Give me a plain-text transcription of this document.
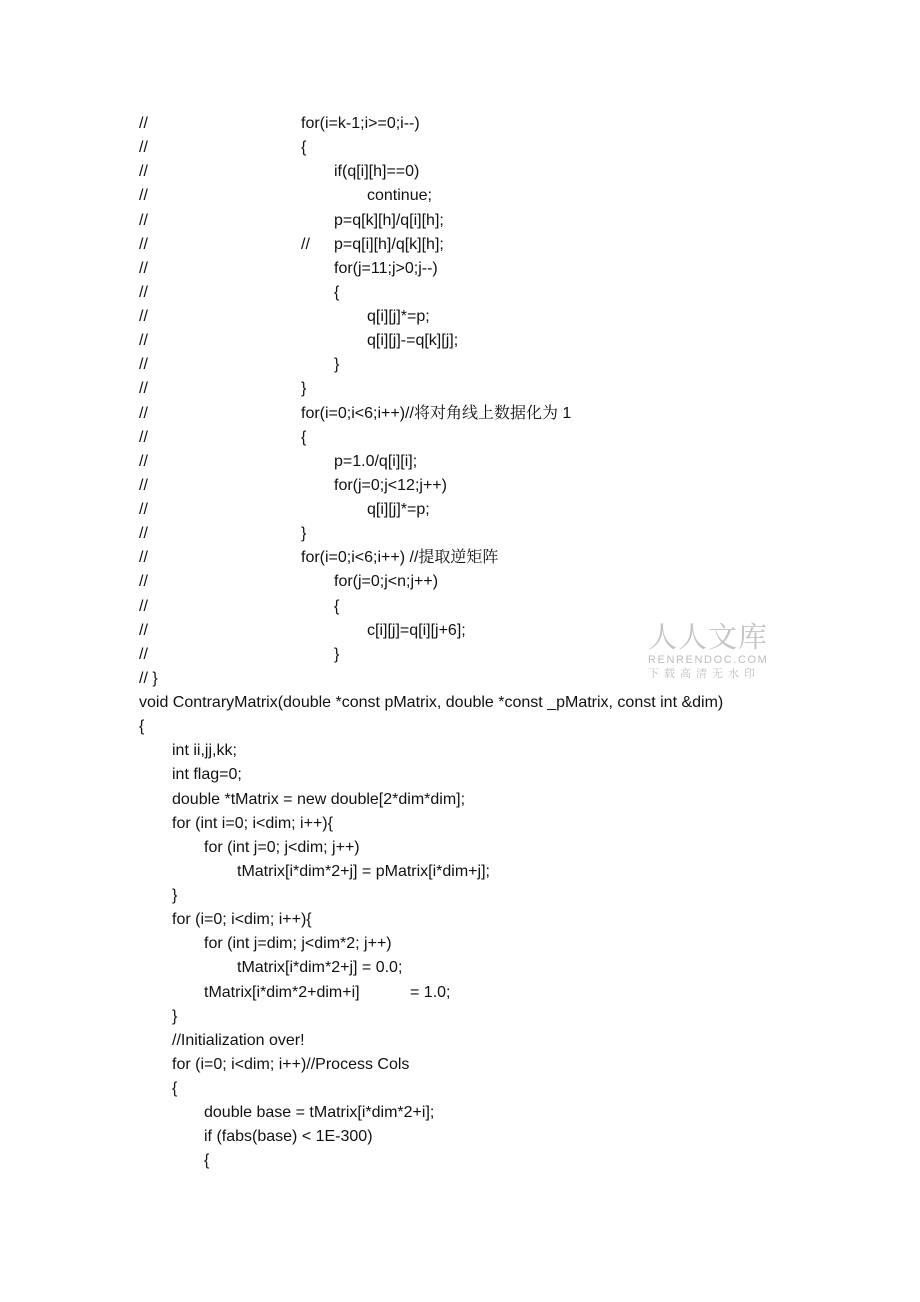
//	for(i=k-1;i>=0;i--)
//	{
//	if(q[i][h]==0)
//	continue;
//	p=q[k][h]/q[i][h];
//	// p=q[i][h]/q[k][h];
//	for(j=11;j>0;j--)
//	{
//	q[i][j]*=p;
//	q[i][j]-=q[k][j];
//	}
//	}
//	for(i=0;i<6;i++)//将对角线上数据化为 1
//	{
//	p=1.0/q[i][i];
//	for(j=0;j<12;j++)
//	q[i][j]*=p;
//	}
//	for(i=0;i<6;i++) //提取逆矩阵
//	for(j=0;j<n;j++)
//	{
//	c[i][j]=q[i][j+6];
//	}
// }
void ContraryMatrix(double *const pMatrix, double *const _pMatrix, const int &dim)
{
int ii,jj,kk;
int flag=0;
double *tMatrix = new double[2*dim*dim];
for (int i=0; i<dim; i++){
for (int j=0; j<dim; j++)
tMatrix[i*dim*2+j] = pMatrix[i*dim+j];
}
for (i=0; i<dim; i++){
for (int j=dim; j<dim*2; j++)
tMatrix[i*dim*2+j] = 0.0;
tMatrix[i*dim*2+dim+i]	= 1.0;
}
//Initialization over!
for (i=0; i<dim; i++)//Process Cols
{
double base = tMatrix[i*dim*2+i];
if (fabs(base) < 1E-300)
{
人人文库
RENRENDOC.COM
下载高清无水印
